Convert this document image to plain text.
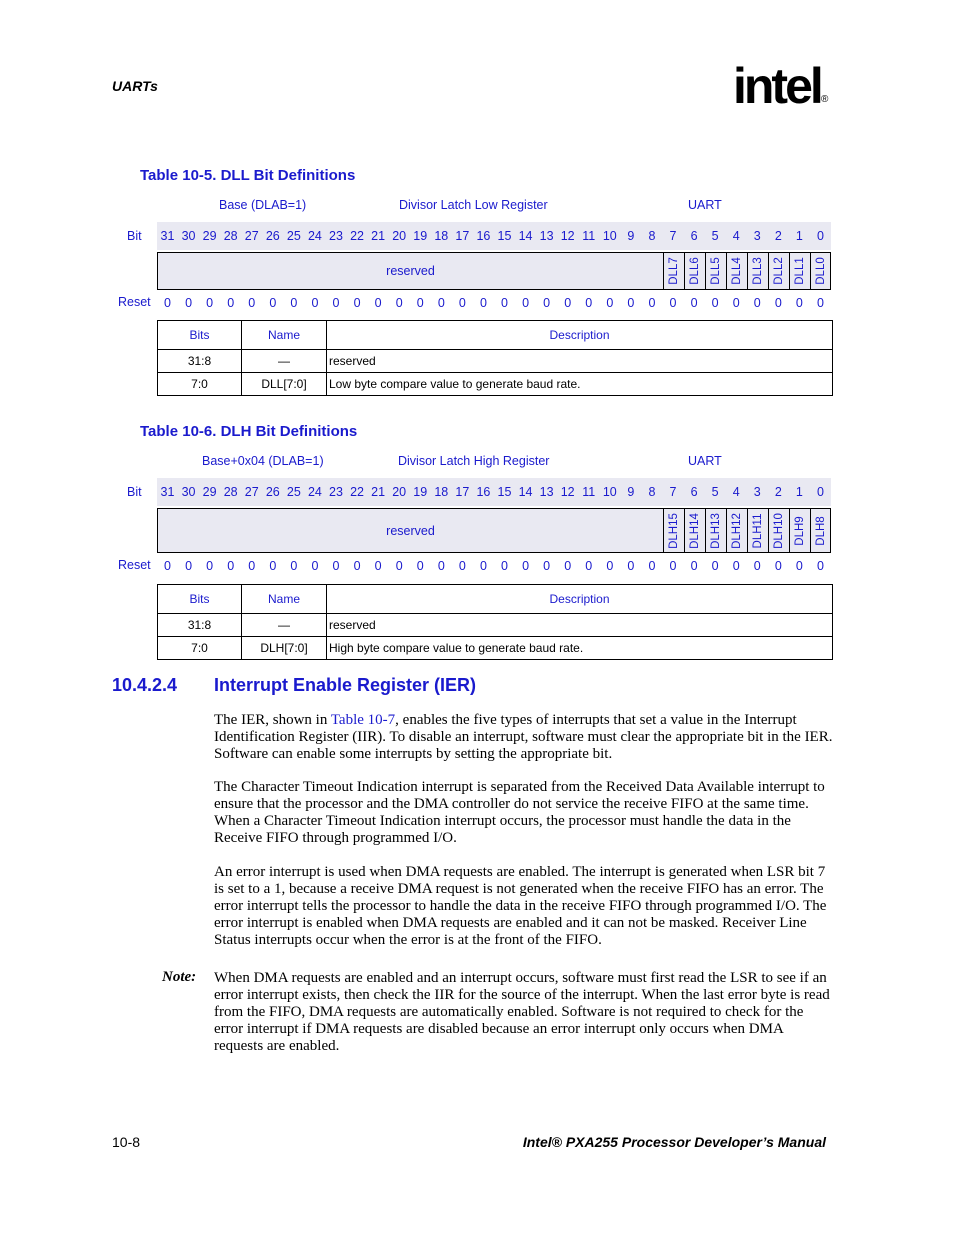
UARTs	intel ®
Table 10-5. DLL Bit Definitions
Base (DLAB=1)	Divisor Latch Low Register	UART
Bit 31 30 29 28 27 26 25 24 23 22 21 20 19 18 17 16 15 14 13 12 11 10 9	8	7	6	5	4	3	2	1	0
reserved	DLL7 DLL6 DLL5 DLL4 DLL3 DLL2 DLL1 DLL0
Reset	0	0	0	0	0	0	0	0	0	0	0	0	0	0	0	0	0	0	0	0	0	0	0	0	0	0	0	0	0	0	0	0
Bits	Name	Description
31:8	—	reserved
7:0	DLL[7:0]	Low byte compare value to generate baud rate.
Table 10-6. DLH Bit Definitions
Base+0x04 (DLAB=1)	Divisor Latch High Register	UART
Bit 31 30 29 28 27 26 25 24 23 22 21 20 19 18 17 16 15 14 13 12 11 10 9	8	7	6	5	4	3	2	1	0
reserved	DLH15 DLH14 DLH13 DLH12 DLH11 DLH10 DLH9 DLH8
Reset	0	0	0	0	0	0	0	0	0	0	0	0	0	0	0	0	0	0	0	0	0	0	0	0	0	0	0	0	0	0	0	0
Bits	Name	Description
31:8	—	reserved
7:0	DLH[7:0]	High byte compare value to generate baud rate.
10.4.2.4 Interrupt Enable Register (IER)
The IER, shown in Table 10-7, enables the five types of interrupts that set a value in the Interrupt Identification Register (IIR). To disable an interrupt, software must clear the appropriate bit in the IER. Software can enable some interrupts by setting the appropriate bit.
The Character Timeout Indication interrupt is separated from the Received Data Available interrupt to ensure that the processor and the DMA controller do not service the receive FIFO at the same time. When a Character Timeout Indication interrupt occurs, the processor must handle the data in the Receive FIFO through programmed I/O.
An error interrupt is used when DMA requests are enabled. The interrupt is generated when LSR bit 7 is set to a 1, because a receive DMA request is not generated when the receive FIFO has an error. The error interrupt tells the processor to handle the data in the receive FIFO through programmed I/O. The error interrupt is enabled when DMA requests are enabled and it can not be masked. Receiver Line Status interrupts occur when the error is at the front of the FIFO.
Note: When DMA requests are enabled and an interrupt occurs, software must first read the LSR to see if an error interrupt exists, then check the IIR for the source of the interrupt. When the last error byte is read from the FIFO, DMA requests are automatically enabled. Software is not required to check for the error interrupt if DMA requests are disabled because an error interrupt only occurs when DMA requests are enabled.
10-8	Intel® PXA255 Processor Developer’s Manual
